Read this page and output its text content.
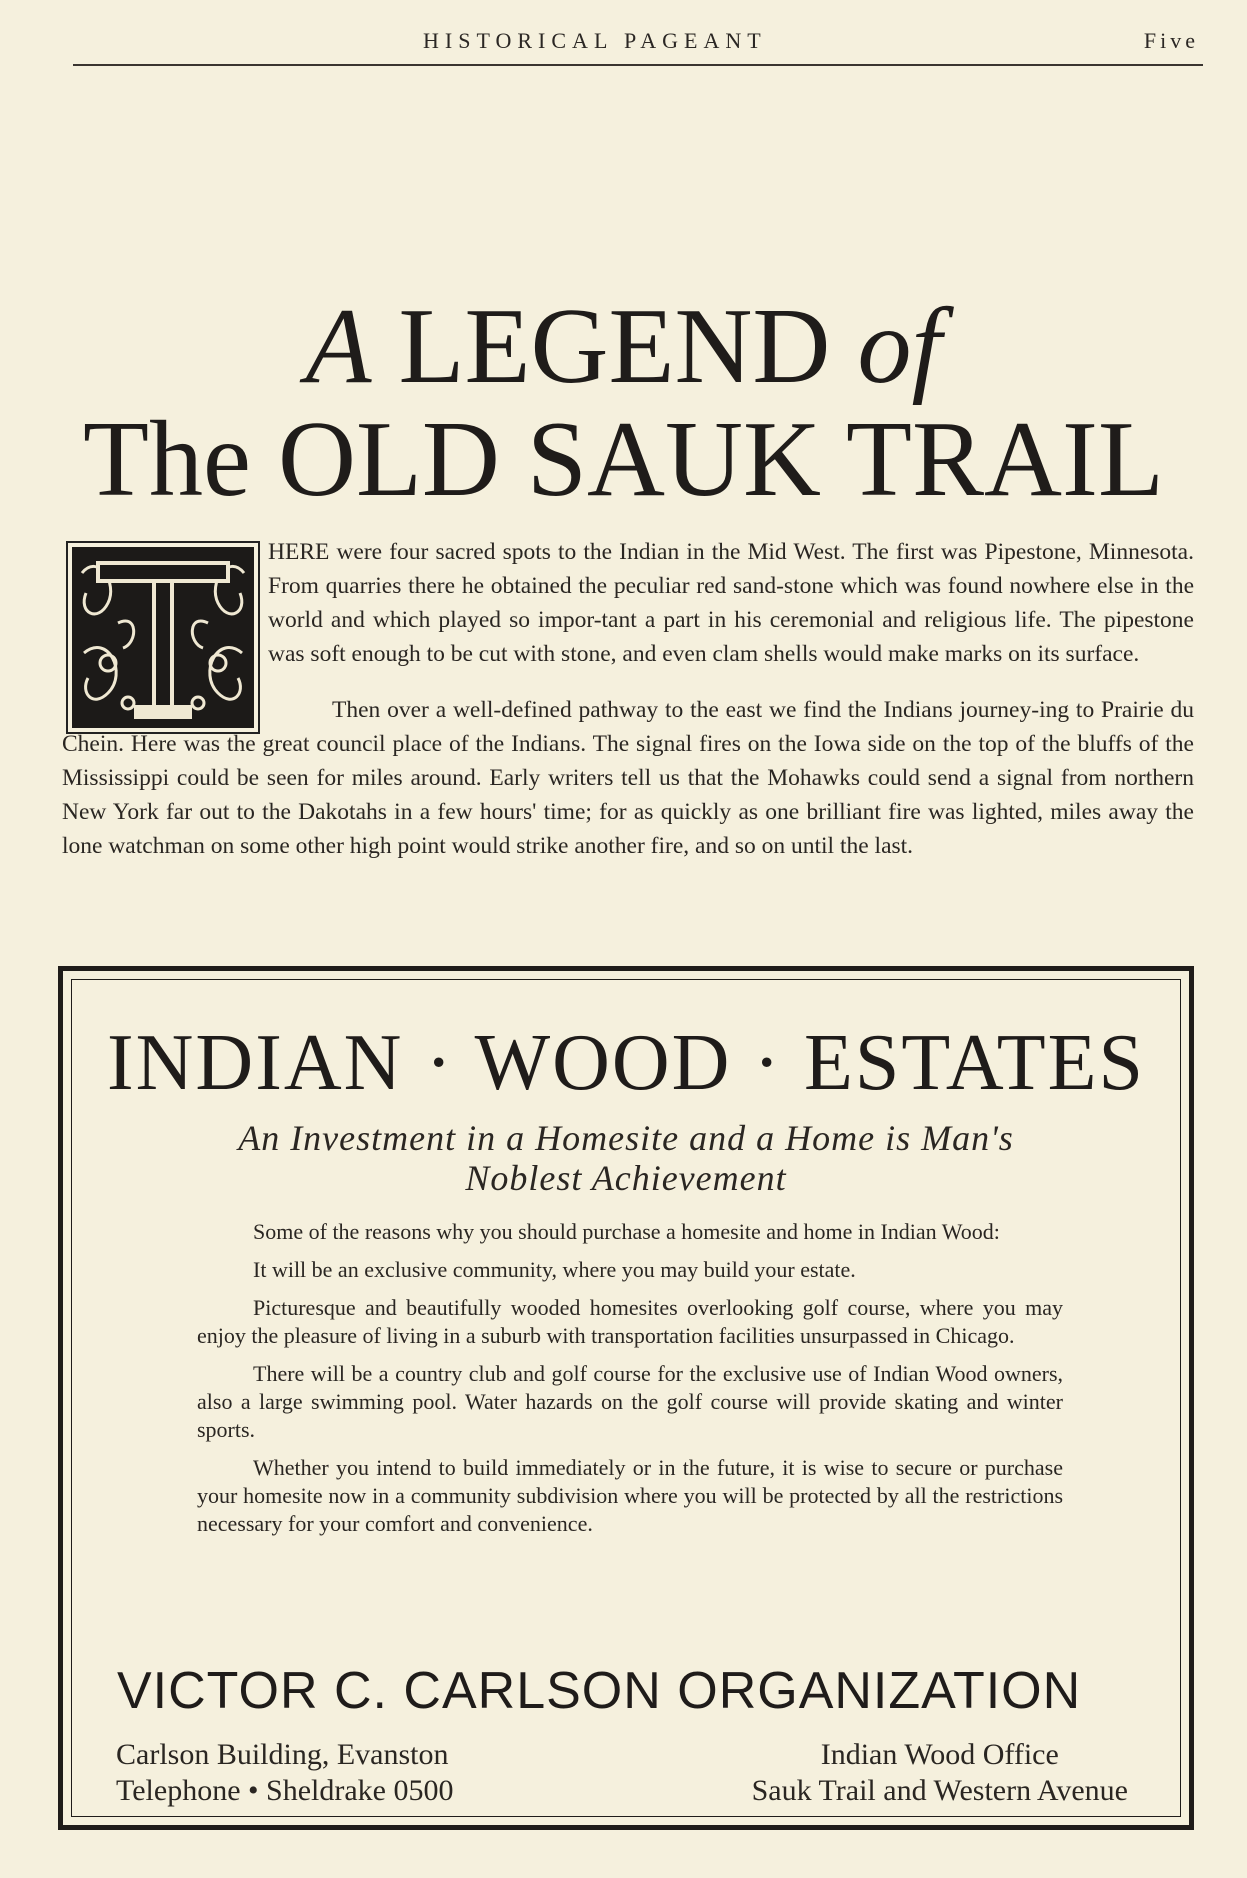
HISTORICAL PAGEANT	Five
A LEGEND of
The OLD SAUK TRAIL
HERE were four sacred spots to the Indian in the Mid West. The first was Pipestone, Minnesota. From quarries there he obtained the peculiar red sand-stone which was found nowhere else in the world and which played so impor-tant a part in his ceremonial and religious life. The pipestone was soft enough to be cut with stone, and even clam shells would make marks on its surface.
Then over a well-defined pathway to the east we find the Indians journey-ing to Prairie du Chein. Here was the great council place of the Indians. The signal fires on the Iowa side on the top of the bluffs of the Mississippi could be seen for miles around. Early writers tell us that the Mohawks could send a signal from northern New York far out to the Dakotahs in a few hours' time; for as quickly as one brilliant fire was lighted, miles away the lone watchman on some other high point would strike another fire, and so on until the last.
INDIAN · WOOD · ESTATES
An Investment in a Homesite and a Home is Man's
Noblest Achievement

Some of the reasons why you should purchase a homesite and home in Indian Wood:

It will be an exclusive community, where you may build your estate.

Picturesque and beautifully wooded homesites overlooking golf course, where you may enjoy the pleasure of living in a suburb with transportation facilities unsurpassed in Chicago.

There will be a country club and golf course for the exclusive use of Indian Wood owners, also a large swimming pool. Water hazards on the golf course will provide skating and winter sports.

Whether you intend to build immediately or in the future, it is wise to secure or purchase your homesite now in a community subdivision where you will be protected by all the restrictions necessary for your comfort and convenience.

VICTOR C. CARLSON ORGANIZATION
Carlson Building, Evanston
Telephone • Sheldrake 0500
Indian Wood Office
Sauk Trail and Western Avenue
